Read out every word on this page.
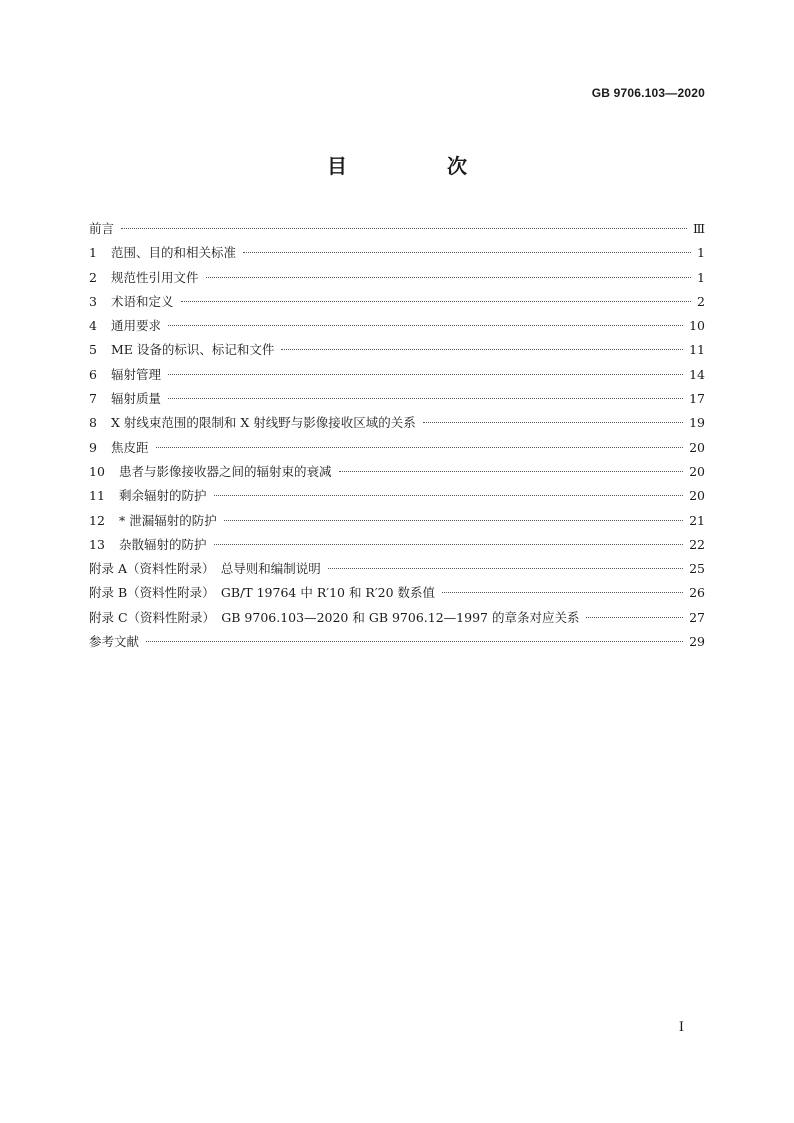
GB 9706.103—2020
目　次
前言	Ⅲ
1 范围、目的和相关标准	1
2 规范性引用文件	1
3 术语和定义	2
4 通用要求	10
5 ME 设备的标识、标记和文件	11
6 辐射管理	14
7 辐射质量	17
8 X 射线束范围的限制和 X 射线野与影像接收区域的关系	19
9 焦皮距	20
10 患者与影像接收器之间的辐射束的衰减	20
11 剩余辐射的防护	20
12 * 泄漏辐射的防护	21
13 杂散辐射的防护	22
附录 A（资料性附录）　总导则和编制说明	25
附录 B（资料性附录）　GB/T 19764 中 R′10 和 R′20 数系值	26
附录 C（资料性附录）　GB 9706.103—2020 和 GB 9706.12—1997 的章条对应关系	27
参考文献	29
I
